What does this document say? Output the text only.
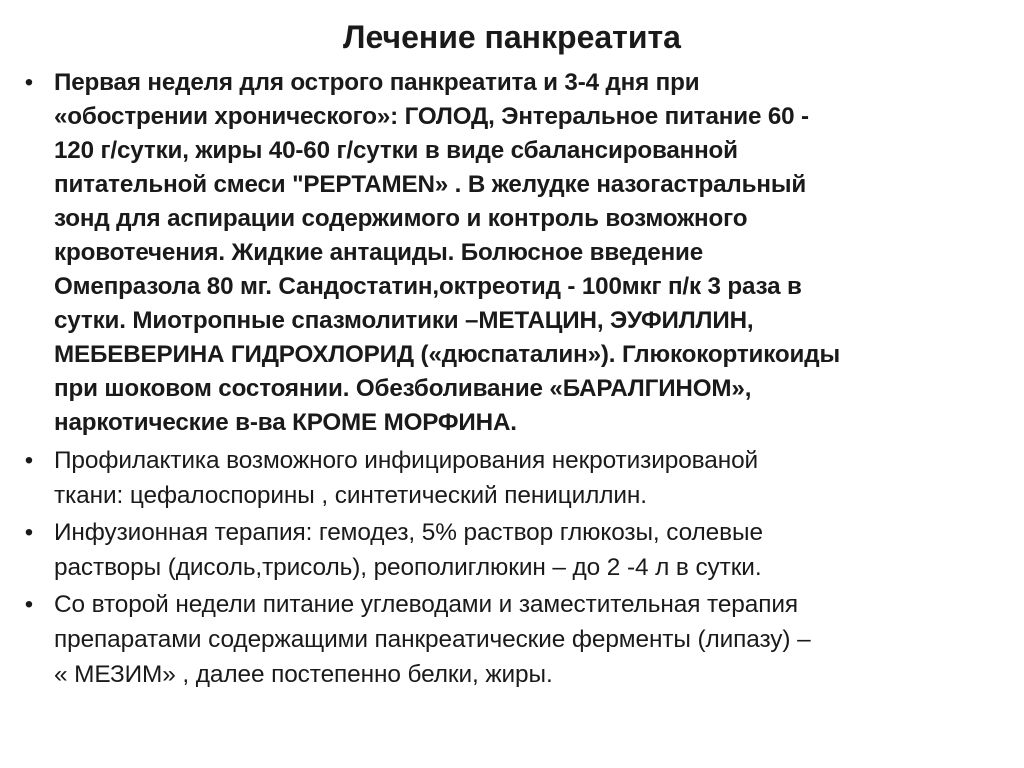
Лечение панкреатита
• Первая неделя для острого панкреатита и 3-4 дня при
«обострении хронического»: ГОЛОД, Энтеральное питание 60 -
120 г/сутки, жиры 40-60 г/сутки в виде сбалансированной
питательной смеси "PEPTAMEN» . В желудке назогастральный
зонд для аспирации содержимого и контроль возможного
кровотечения. Жидкие антациды. Болюсное введение
Омепразола 80 мг. Сандостатин,октреотид - 100мкг п/к 3 раза в
сутки. Миотропные спазмолитики –МЕТАЦИН, ЭУФИЛЛИН,
МЕБЕВЕРИНА ГИДРОХЛОРИД («дюспаталин»). Глюкокортикоиды
при шоковом состоянии. Обезболивание «БАРАЛГИНОМ»,
наркотические в-ва КРОМЕ МОРФИНА.
• Профилактика возможного инфицирования некротизированой
ткани: цефалоспорины , синтетический пенициллин.
• Инфузионная терапия: гемодез, 5% раствор глюкозы, солевые
растворы (дисоль,трисоль), реополиглюкин – до 2 -4 л в сутки.
• Со второй недели питание углеводами и заместительная терапия
препаратами содержащими панкреатические ферменты (липазу) –
« МЕЗИМ» , далее постепенно белки, жиры.
